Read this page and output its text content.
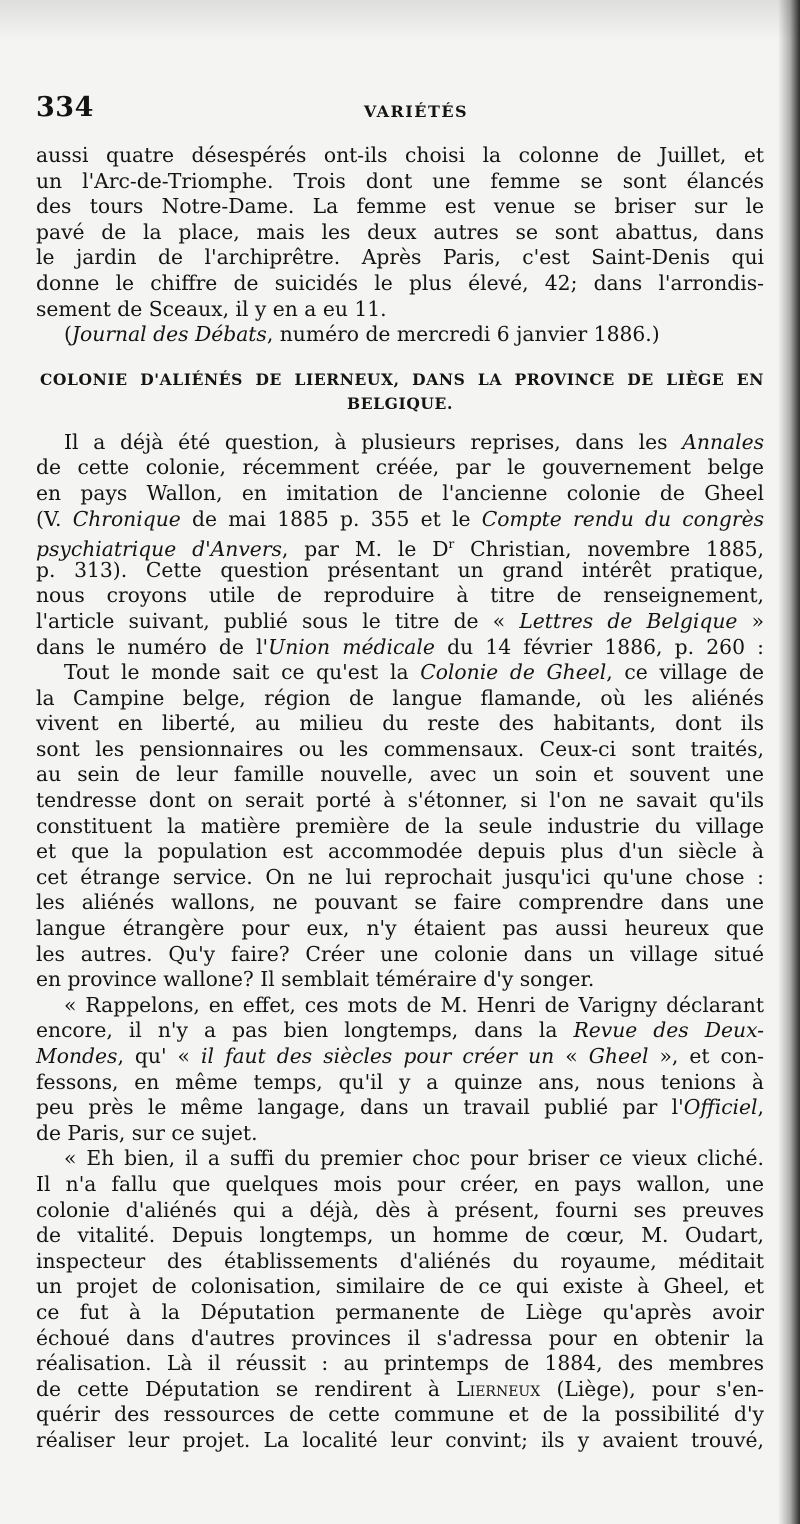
334	VARIÉTÉS
aussi quatre désespérés ont-ils choisi la colonne de Juillet, et
un l'Arc-de-Triomphe. Trois dont une femme se sont élancés
des tours Notre-Dame. La femme est venue se briser sur le
pavé de la place, mais les deux autres se sont abattus, dans
le jardin de l'archiprêtre. Après Paris, c'est Saint-Denis qui
donne le chiffre de suicidés le plus élevé, 42; dans l'arrondis-
sement de Sceaux, il y en a eu 11.
(Journal des Débats, numéro de mercredi 6 janvier 1886.)
COLONIE D'ALIÉNÉS DE LIERNEUX, DANS LA PROVINCE DE LIÈGE EN
BELGIQUE.
Il a déjà été question, à plusieurs reprises, dans les Annales
de cette colonie, récemment créée, par le gouvernement belge
en pays Wallon, en imitation de l'ancienne colonie de Gheel
(V. Chronique de mai 1885 p. 355 et le Compte rendu du congrès
psychiatrique d'Anvers, par M. le $D^r$ Christian, novembre 1885,
p. 313). Cette question présentant un grand intérêt pratique,
nous croyons utile de reproduire à titre de renseignement,
l'article suivant, publié sous le titre de « Lettres de Belgique »
dans le numéro de l'Union médicale du 14 février 1886, p. 260 :
Tout le monde sait ce qu'est la Colonie de Gheel, ce village de
la Campine belge, région de langue flamande, où les aliénés
vivent en liberté, au milieu du reste des habitants, dont ils
sont les pensionnaires ou les commensaux. Ceux-ci sont traités,
au sein de leur famille nouvelle, avec un soin et souvent une
tendresse dont on serait porté à s'étonner, si l'on ne savait qu'ils
constituent la matière première de la seule industrie du village
et que la population est accommodée depuis plus d'un siècle à
cet étrange service. On ne lui reprochait jusqu'ici qu'une chose :
les aliénés wallons, ne pouvant se faire comprendre dans une
langue étrangère pour eux, n'y étaient pas aussi heureux que
les autres. Qu'y faire? Créer une colonie dans un village situé
en province wallone? Il semblait téméraire d'y songer.
« Rappelons, en effet, ces mots de M. Henri de Varigny déclarant
encore, il n'y a pas bien longtemps, dans la Revue des Deux-
Mondes, qu' « il faut des siècles pour créer un « Gheel », et con-
fessons, en même temps, qu'il y a quinze ans, nous tenions à
peu près le même langage, dans un travail publié par l'Officiel,
de Paris, sur ce sujet.
« Eh bien, il a suffi du premier choc pour briser ce vieux cliché.
Il n'a fallu que quelques mois pour créer, en pays wallon, une
colonie d'aliénés qui a déjà, dès à présent, fourni ses preuves
de vitalité. Depuis longtemps, un homme de cœur, M. Oudart,
inspecteur des établissements d'aliénés du royaume, méditait
un projet de colonisation, similaire de ce qui existe à Gheel, et
ce fut à la Députation permanente de Liège qu'après avoir
échoué dans d'autres provinces il s'adressa pour en obtenir la
réalisation. Là il réussit : au printemps de 1884, des membres
de cette Députation se rendirent à Lierneux (Liège), pour s'en-
quérir des ressources de cette commune et de la possibilité d'y
réaliser leur projet. La localité leur convint; ils y avaient trouvé,
